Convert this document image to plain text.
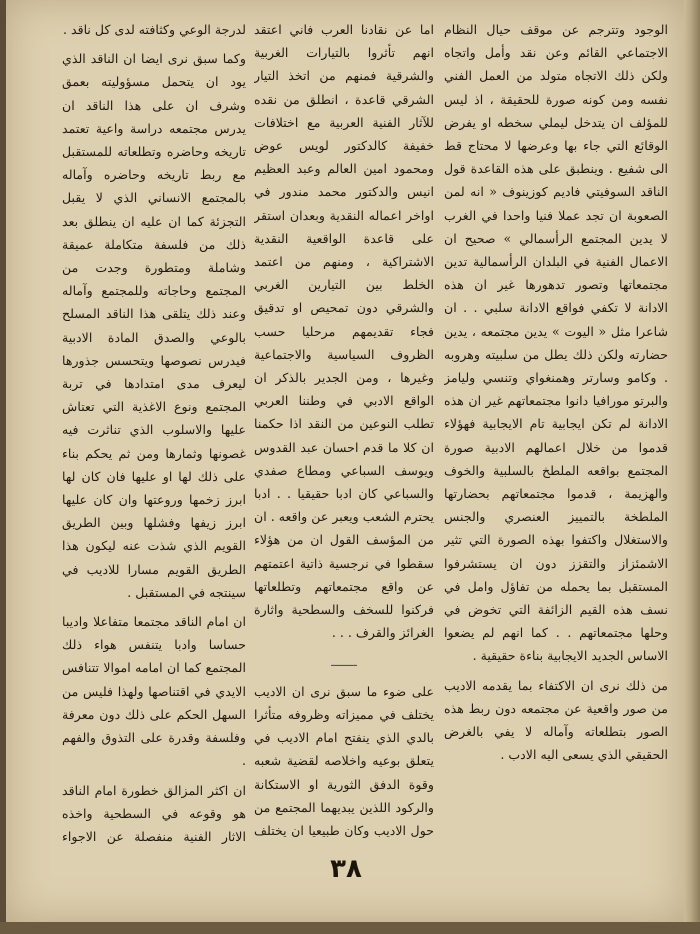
الوجود وتترجم عن موقف حيال النظام الاجتماعي القائم وعن نقد وأمل واتجاه ولكن ذلك الاتجاه متولد من العمل الفني نفسه ومن كونه صورة للحقيقة ، اذ ليس للمؤلف ان يتدخل ليملي سخطه او يفرض الوقائع التي جاء بها وعرضها لا محتاج قط الى شفيع . وينطبق على هذه القاعدة قول الناقد السوفيتي فاديم كوزينوف « انه لمن الصعوبة ان تجد عملا فنيا واحدا في الغرب لا يدين المجتمع الرأسمالي » صحيح ان الاعمال الفنية في البلدان الرأسمالية تدين مجتمعاتها وتصور تدهورها غير ان هذه الادانة لا تكفي فواقع الادانة سلبي . . ان شاعرا مثل « اليوت » يدين مجتمعه ، يدين حضارته ولكن ذلك يطل من سلبيته وهروبه . وكامو وسارتر وهمنغواي وتنسي وليامز والبرتو مورافيا دانوا مجتمعاتهم غير ان هذه الادانة لم تكن ايجابية تام الايجابية فهؤلاء قدموا من خلال اعمالهم الادبية صورة المجتمع بواقعه الملطخ بالسلبية والخوف والهزيمة ، قدموا مجتمعاتهم بحضارتها الملطخة بالتمييز العنصري والجنس والاستغلال واكتفوا بهذه الصورة التي تثير الاشمئزاز والتقزز دون ان يستشرفوا المستقبل بما يحمله من تفاؤل وامل في نسف هذه القيم الزائفة التي تخوض في وحلها مجتمعاتهم . . كما انهم لم يضعوا الاساس الجديد الايجابية بناءة حقيقية .

من ذلك نرى ان الاكتفاء بما يقدمه الاديب من صور واقعية عن مجتمعه دون ربط هذه الصور بتطلعاته وآماله لا يفي بالغرض الحقيقي الذي يسعى اليه الادب .

اما عن نقادنا العرب فاني اعتقد انهم تأثروا بالتيارات الغربية والشرقية فمنهم من اتخذ التيار الشرقي قاعدة ، انطلق من نقده للآثار الفنية العربية مع اختلافات خفيفة كالدكتور لويس عوض ومحمود امين العالم وعبد العظيم انيس والدكتور محمد مندور في اواخر اعماله النقدية وبعدان استقر على قاعدة الواقعية النقدية الاشتراكية ، ومنهم من اعتمد الخلط بين التيارين الغربي والشرقي دون تمحيص او تدقيق فجاء تقديمهم مرحليا حسب الظروف السياسية والاجتماعية وغيرها ، ومن الجدير بالذكر ان الواقع الادبي في وطننا العربي تطلب النوعين من النقد اذا حكمنا ان كلا ما قدم احسان عبد القدوس ويوسف السباعي ومطاع صفدي والسباعي كان ادبا حقيقيا . . ادبا يحترم الشعب ويعبر عن واقعه . ان من المؤسف القول ان من هؤلاء سقطوا في نرجسية ذاتية اعتمتهم عن واقع مجتمعاتهم وتطلعاتها فركنوا للسخف والسطحية واثارة الغرائز والقرف . . .

ـــــــ

على ضوء ما سبق نرى ان الاديب يختلف في مميزاته وظروفه متأثرا بالدي الذي ينفتح امام الاديب في يتعلق بوعيه واخلاصه لقضية شعبه وقوة الدفق الثورية او الاستكانة والركود اللذين يبديهما المجتمع من حول الاديب وكان طبيعيا ان يختلف

لدرجة الوعي وكثافته لدى كل ناقد .

وكما سبق نرى ايضا ان الناقد الذي يود ان يتحمل مسؤوليته بعمق وشرف ان على هذا الناقد ان يدرس مجتمعه دراسة واعية تعتمد تاريخه وحاضره وتطلعاته للمستقبل مع ربط تاريخه وحاضره وآماله بالمجتمع الانساني الذي لا يقبل التجزئة كما ان عليه ان ينطلق بعد ذلك من فلسفة متكاملة عميقة وشاملة ومتطورة وجدت من المجتمع وحاجاته وللمجتمع وآماله وعند ذلك يتلقى هذا الناقد المسلح بالوعي والصدق المادة الادبية فيدرس نصوصها ويتحسس جذورها ليعرف مدى امتدادها في تربة المجتمع ونوع الاغذية التي تعتاش عليها والاسلوب الذي تناثرت فيه غصونها وثمارها ومن ثم يحكم بناء على ذلك لها او عليها فان كان لها ابرز زخمها وروعتها وان كان عليها ابرز زيفها وفشلها وبين الطريق القويم الذي شذت عنه ليكون هذا الطريق القويم مسارا للاديب في سينتجه في المستقبل .

ان امام الناقد مجتمعا متفاعلا واديبا حساسا وادبا يتنفس هواء ذلك المجتمع كما ان امامه اموالا تتنافس الايدي في اقتناصها ولهذا فليس من السهل الحكم على ذلك دون معرفة وفلسفة وقدرة على التذوق والفهم .

ان اكثر المزالق خطورة امام الناقد هو وقوعه في السطحية واخذه الاثار الفنية منفصلة عن الاجواء

٣٨
